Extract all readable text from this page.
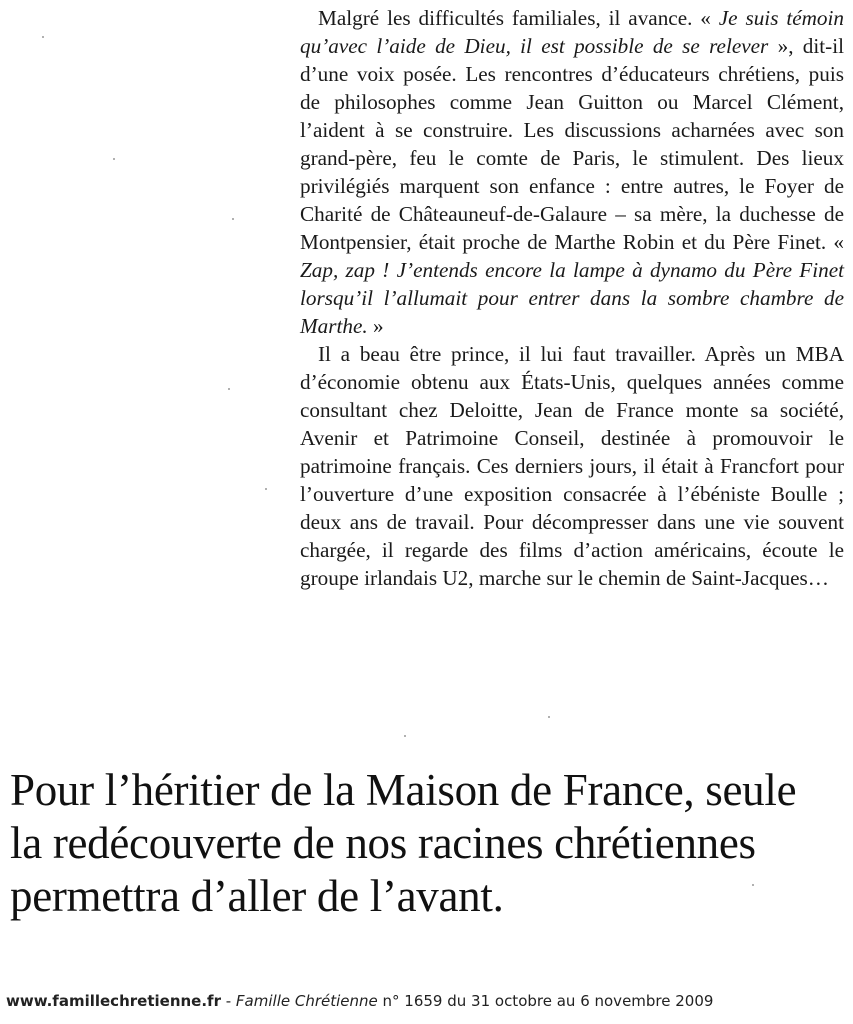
Malgré les difficultés familiales, il avance. « Je suis témoin qu’avec l’aide de Dieu, il est possible de se relever », dit-il d’une voix posée. Les rencontres d’éducateurs chrétiens, puis de philosophes comme Jean Guitton ou Marcel Clément, l’aident à se construire. Les discussions acharnées avec son grand-père, feu le comte de Paris, le stimulent. Des lieux privilégiés marquent son enfance : entre autres, le Foyer de Charité de Châteauneuf-de-Galaure – sa mère, la duchesse de Montpensier, était proche de Marthe Robin et du Père Finet. « Zap, zap ! J’entends encore la lampe à dynamo du Père Finet lorsqu’il l’allumait pour entrer dans la sombre chambre de Marthe. »

Il a beau être prince, il lui faut travailler. Après un MBA d’économie obtenu aux États-Unis, quelques années comme consultant chez Deloitte, Jean de France monte sa société, Avenir et Patrimoine Conseil, destinée à promouvoir le patrimoine français. Ces derniers jours, il était à Francfort pour l’ouverture d’une exposition consacrée à l’ébéniste Boulle ; deux ans de travail. Pour décompresser dans une vie souvent chargée, il regarde des films d’action américains, écoute le groupe irlandais U2, marche sur le chemin de Saint-Jacques…

Pour l’héritier de la Maison de France, seule
la redécouverte de nos racines chrétiennes
permettra d’aller de l’avant.
www.famillechretienne.fr - Famille Chrétienne n° 1659 du 31 octobre au 6 novembre 2009
